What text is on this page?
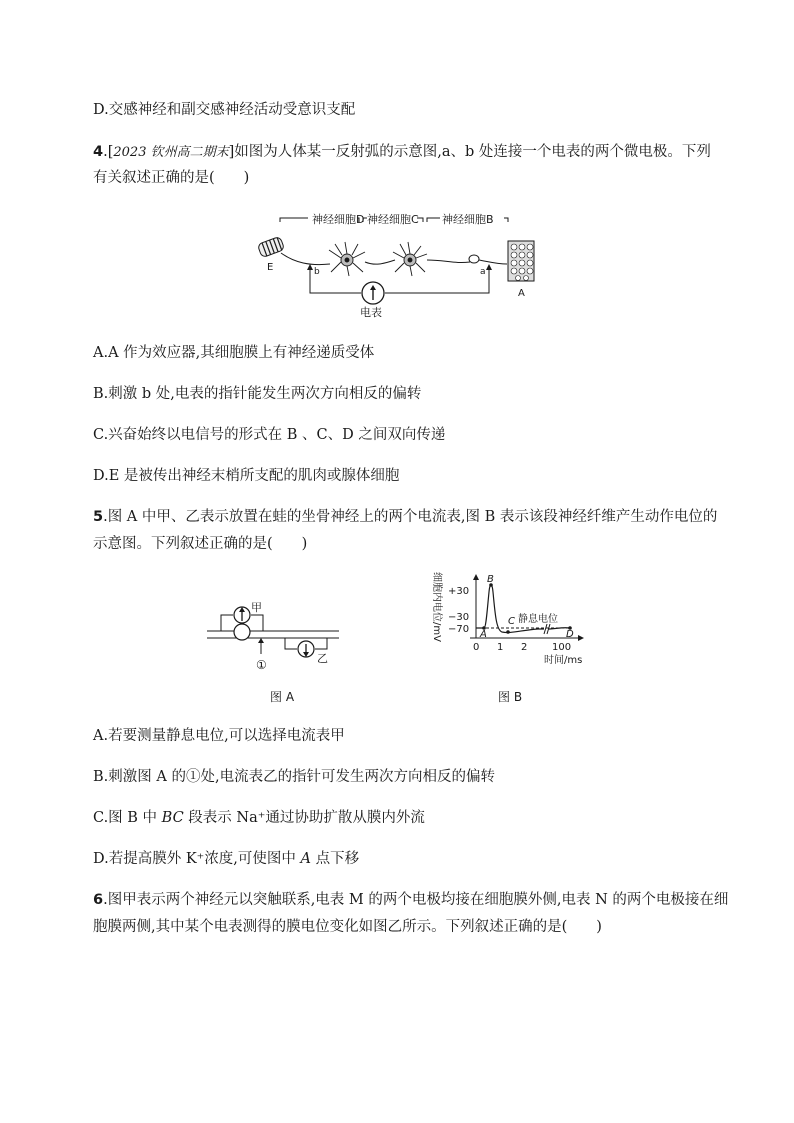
D.交感神经和副交感神经活动受意识支配
4.[2023 钦州高二期末]如图为人体某一反射弧的示意图,a、b 处连接一个电表的两个微电极。下列
有关叙述正确的是(　　)
神经细胞D 神经细胞C 神经细胞B
E
A
b	a
电表
A.A 作为效应器,其细胞膜上有神经递质受体
B.刺激 b 处,电表的指针能发生两次方向相反的偏转
C.兴奋始终以电信号的形式在 B 、C、D 之间双向传递
D.E 是被传出神经末梢所支配的肌肉或腺体细胞
5.图 A 中甲、乙表示放置在蛙的坐骨神经上的两个电流表,图 B 表示该段神经纤维产生动作电位的
示意图。下列叙述正确的是(　　)
①	乙
甲
图 A
细胞内电位/mV +30
−30
−70 A
B
C
D
静息电位
0 1 2 100
时间/ms
图 B
A.若要测量静息电位,可以选择电流表甲
B.刺激图 A 的①处,电流表乙的指针可发生两次方向相反的偏转
C.图 B 中 BC 段表示 Na⁺通过协助扩散从膜内外流
D.若提高膜外 K⁺浓度,可使图中 A 点下移
6.图甲表示两个神经元以突触联系,电表 M 的两个电极均接在细胞膜外侧,电表 N 的两个电极接在细
胞膜两侧,其中某个电表测得的膜电位变化如图乙所示。下列叙述正确的是(　　)
